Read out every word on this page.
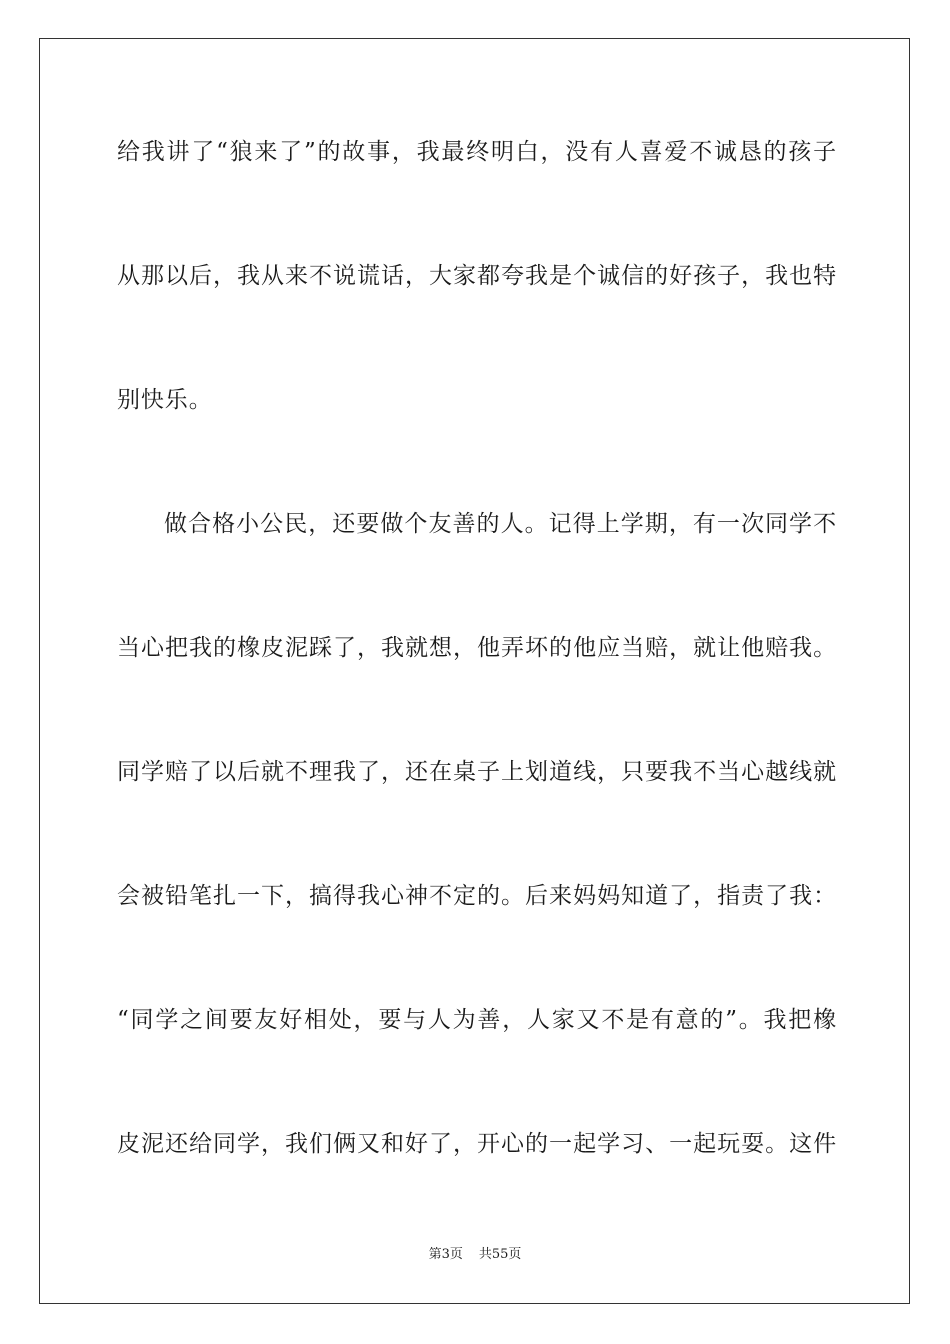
给我讲了“狼来了”的故事，我最终明白，没有人喜爱不诚恳的孩子
从那以后，我从来不说谎话，大家都夸我是个诚信的好孩子，我也特
别快乐。
做合格小公民，还要做个友善的人。记得上学期，有一次同学不
当心把我的橡皮泥踩了，我就想，他弄坏的他应当赔，就让他赔我。
同学赔了以后就不理我了，还在桌子上划道线，只要我不当心越线就
会被铅笔扎一下，搞得我心神不定的。后来妈妈知道了，指责了我：
“同学之间要友好相处，要与人为善，人家又不是有意的”。我把橡
皮泥还给同学，我们俩又和好了，开心的一起学习、一起玩耍。这件
第3页 共55页
